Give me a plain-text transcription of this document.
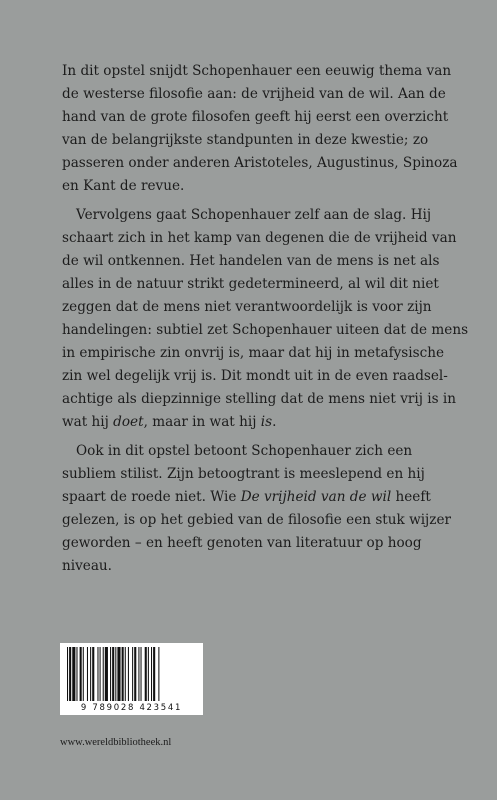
In dit opstel snijdt Schopenhauer een eeuwig thema van
de westerse filosofie aan: de vrijheid van de wil. Aan de
hand van de grote filosofen geeft hij eerst een overzicht
van de belangrijkste standpunten in deze kwestie; zo
passeren onder anderen Aristoteles, Augustinus, Spinoza
en Kant de revue.

Vervolgens gaat Schopenhauer zelf aan de slag. Hij
schaart zich in het kamp van degenen die de vrijheid van
de wil ontkennen. Het handelen van de mens is net als
alles in de natuur strikt gedetermineerd, al wil dit niet
zeggen dat de mens niet verantwoordelijk is voor zijn
handelingen: subtiel zet Schopenhauer uiteen dat de mens
in empirische zin onvrij is, maar dat hij in metafysische
zin wel degelijk vrij is. Dit mondt uit in de even raadsel-
achtige als diepzinnige stelling dat de mens niet vrij is in
wat hij doet, maar in wat hij is.

Ook in dit opstel betoont Schopenhauer zich een
subliem stilist. Zijn betoogtrant is meeslepend en hij
spaart de roede niet. Wie De vrijheid van de wil heeft
gelezen, is op het gebied van de filosofie een stuk wijzer
geworden – en heeft genoten van literatuur op hoog
niveau.

9 789028 423541
www.wereldbibliotheek.nl
